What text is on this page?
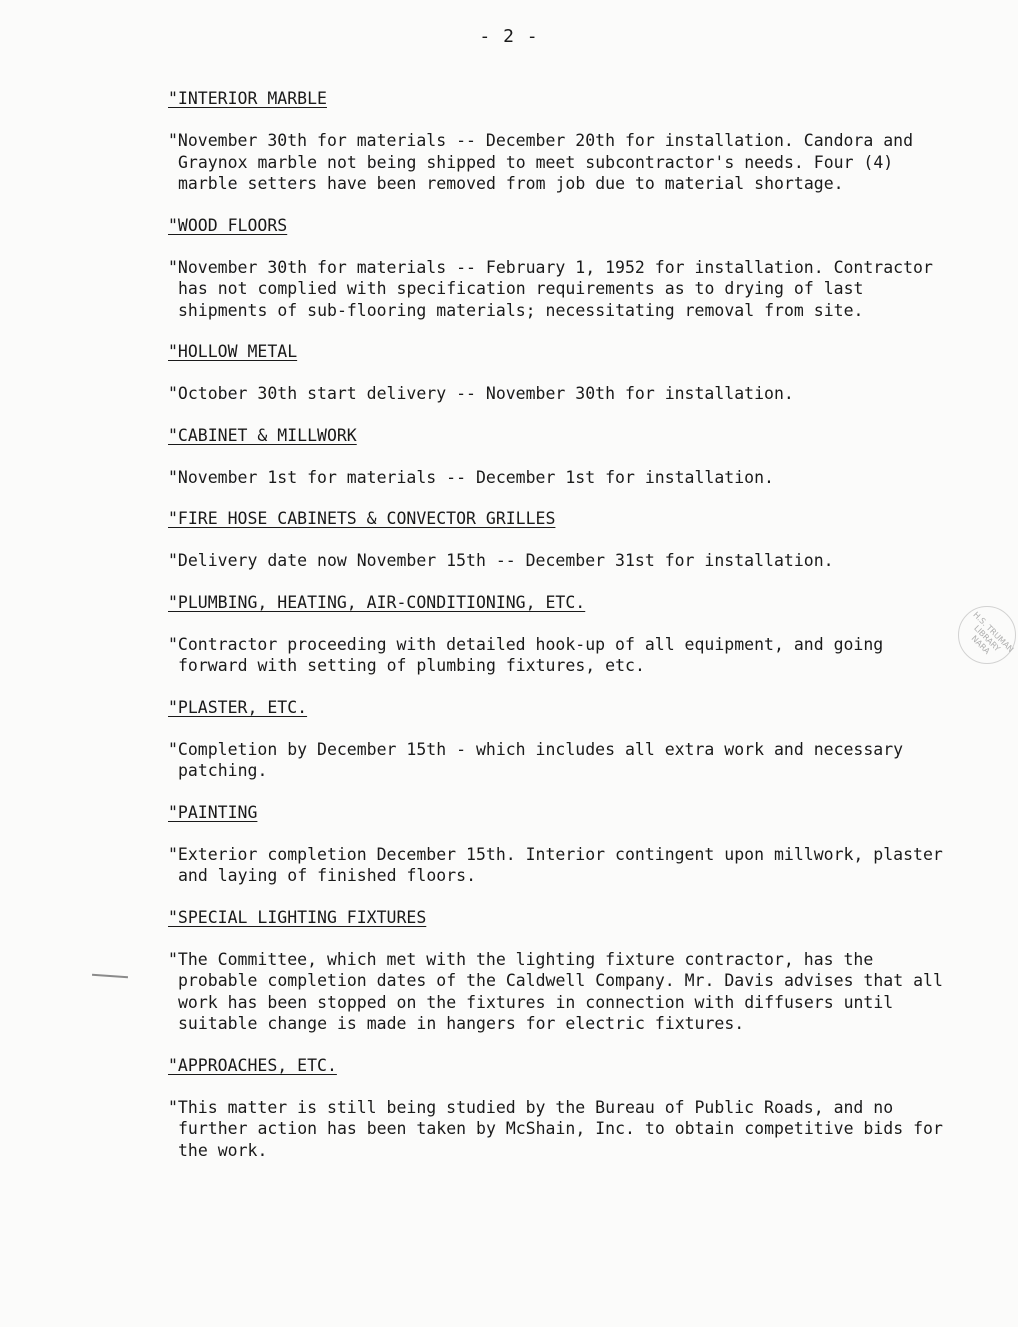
- 2 -
"INTERIOR MARBLE
"November 30th for materials -- December 20th for installation. Candora and Graynox marble not being shipped to meet subcontractor's needs. Four (4) marble setters have been removed from job due to material shortage.
"WOOD FLOORS
"November 30th for materials -- February 1, 1952 for installation. Contractor has not complied with specification requirements as to drying of last shipments of sub-flooring materials; necessitating removal from site.
"HOLLOW METAL
"October 30th start delivery -- November 30th for installation.
"CABINET & MILLWORK
"November 1st for materials -- December 1st for installation.
"FIRE HOSE CABINETS & CONVECTOR GRILLES
"Delivery date now November 15th -- December 31st for installation.
"PLUMBING, HEATING, AIR-CONDITIONING, ETC.
"Contractor proceeding with detailed hook-up of all equipment, and going forward with setting of plumbing fixtures, etc.
"PLASTER, ETC.
"Completion by December 15th - which includes all extra work and necessary patching.
"PAINTING
"Exterior completion December 15th. Interior contingent upon millwork, plaster and laying of finished floors.
"SPECIAL LIGHTING FIXTURES
"The Committee, which met with the lighting fixture contractor, has the probable completion dates of the Caldwell Company. Mr. Davis advises that all work has been stopped on the fixtures in connection with diffusers until suitable change is made in hangers for electric fixtures.
"APPROACHES, ETC.
"This matter is still being studied by the Bureau of Public Roads, and no further action has been taken by McShain, Inc. to obtain competitive bids for the work.
H.S. TRUMAN LIBRARY NARA
